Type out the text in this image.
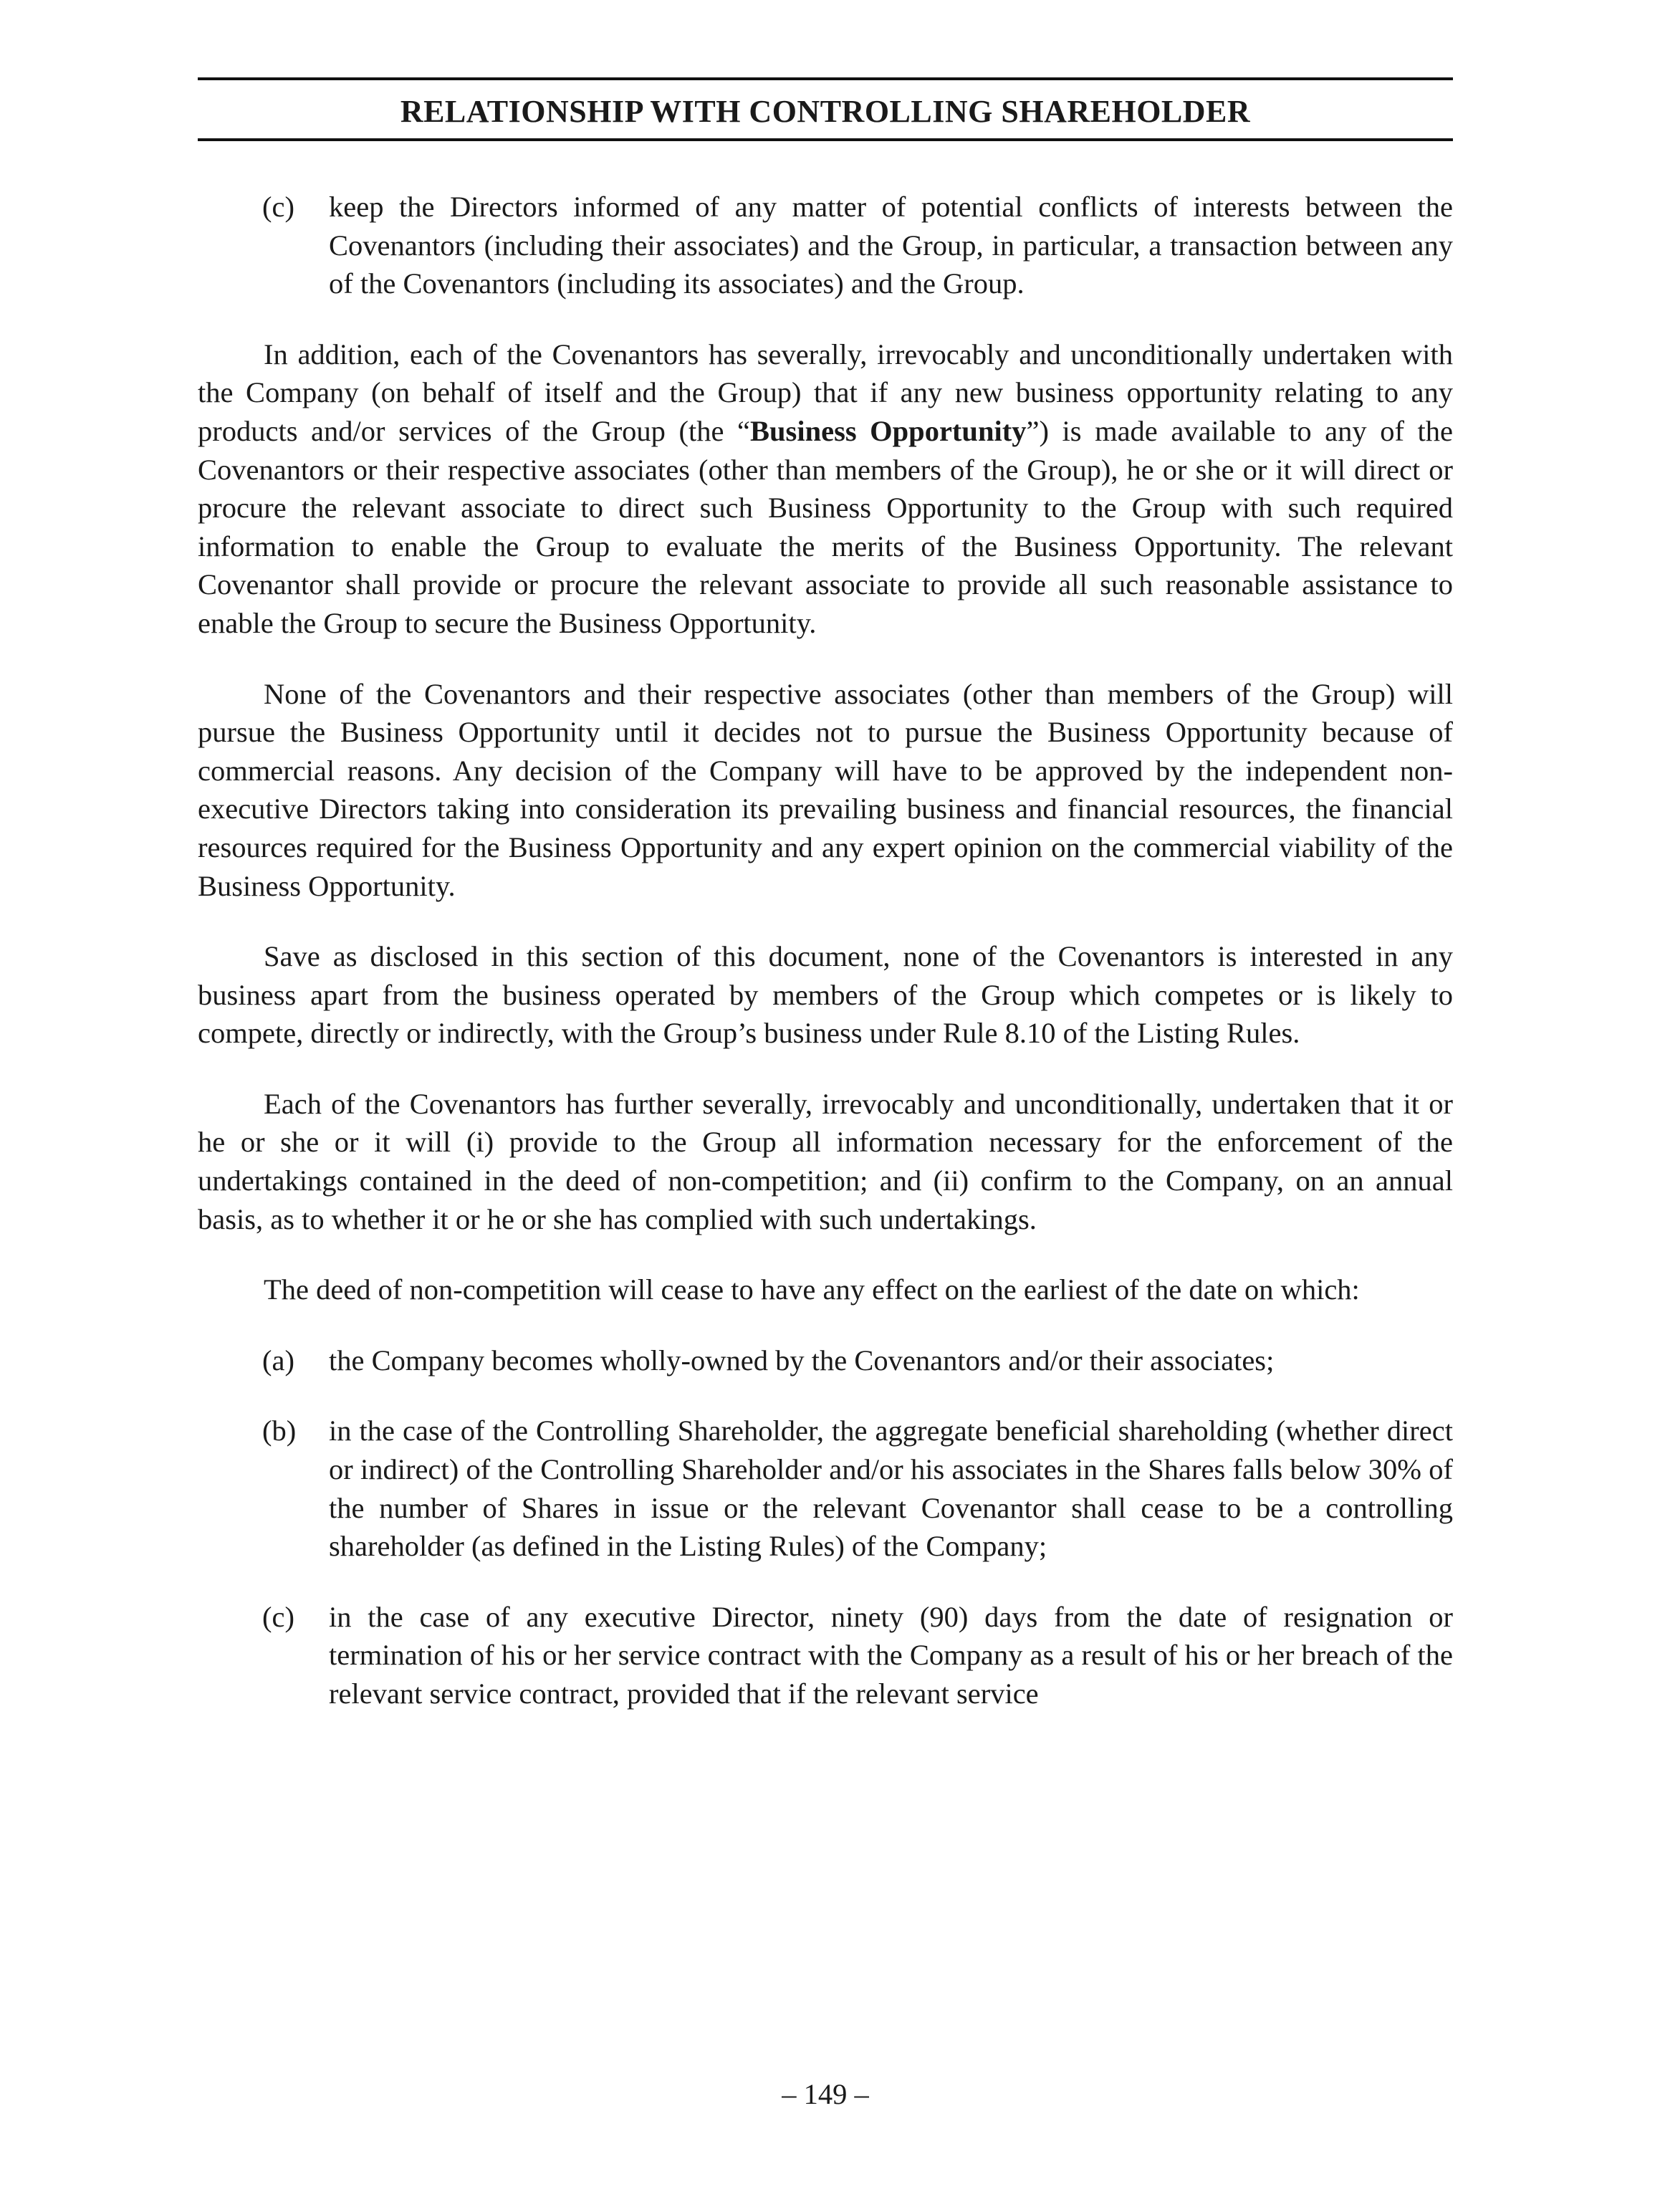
RELATIONSHIP WITH CONTROLLING SHAREHOLDER
(c) keep the Directors informed of any matter of potential conflicts of interests between the Covenantors (including their associates) and the Group, in particular, a transaction between any of the Covenantors (including its associates) and the Group.

In addition, each of the Covenantors has severally, irrevocably and unconditionally undertaken with the Company (on behalf of itself and the Group) that if any new business opportunity relating to any products and/or services of the Group (the “Business Opportunity”) is made available to any of the Covenantors or their respective associates (other than members of the Group), he or she or it will direct or procure the relevant associate to direct such Business Opportunity to the Group with such required information to enable the Group to evaluate the merits of the Business Opportunity. The relevant Covenantor shall provide or procure the relevant associate to provide all such reasonable assistance to enable the Group to secure the Business Opportunity.

None of the Covenantors and their respective associates (other than members of the Group) will pursue the Business Opportunity until it decides not to pursue the Business Opportunity because of commercial reasons. Any decision of the Company will have to be approved by the independent non-executive Directors taking into consideration its prevailing business and financial resources, the financial resources required for the Business Opportunity and any expert opinion on the commercial viability of the Business Opportunity.

Save as disclosed in this section of this document, none of the Covenantors is interested in any business apart from the business operated by members of the Group which competes or is likely to compete, directly or indirectly, with the Group’s business under Rule 8.10 of the Listing Rules.

Each of the Covenantors has further severally, irrevocably and unconditionally, undertaken that it or he or she or it will (i) provide to the Group all information necessary for the enforcement of the undertakings contained in the deed of non-competition; and (ii) confirm to the Company, on an annual basis, as to whether it or he or she has complied with such undertakings.

The deed of non-competition will cease to have any effect on the earliest of the date on which:

(a) the Company becomes wholly-owned by the Covenantors and/or their associates;
(b) in the case of the Controlling Shareholder, the aggregate beneficial shareholding (whether direct or indirect) of the Controlling Shareholder and/or his associates in the Shares falls below 30% of the number of Shares in issue or the relevant Covenantor shall cease to be a controlling shareholder (as defined in the Listing Rules) of the Company;
(c) in the case of any executive Director, ninety (90) days from the date of resignation or termination of his or her service contract with the Company as a result of his or her breach of the relevant service contract, provided that if the relevant service
– 149 –
